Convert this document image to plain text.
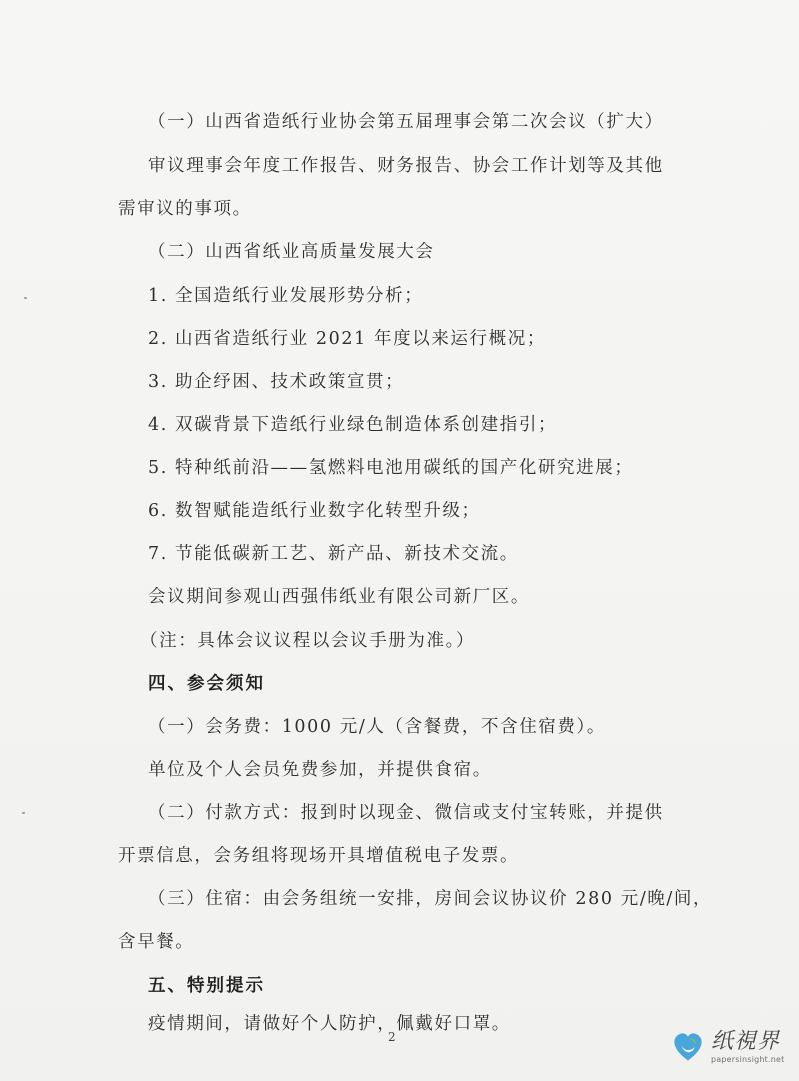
（一）山西省造纸行业协会第五届理事会第二次会议（扩大）
审议理事会年度工作报告、财务报告、协会工作计划等及其他
需审议的事项。
（二）山西省纸业高质量发展大会
1. 全国造纸行业发展形势分析；
2. 山西省造纸行业 2021 年度以来运行概况；
3. 助企纾困、技术政策宣贯；
4. 双碳背景下造纸行业绿色制造体系创建指引；
5. 特种纸前沿——氢燃料电池用碳纸的国产化研究进展；
6. 数智赋能造纸行业数字化转型升级；
7. 节能低碳新工艺、新产品、新技术交流。
会议期间参观山西强伟纸业有限公司新厂区。
（注：具体会议议程以会议手册为准。）
四、参会须知
（一）会务费：1000 元/人（含餐费，不含住宿费）。
单位及个人会员免费参加，并提供食宿。
（二）付款方式：报到时以现金、微信或支付宝转账，并提供
开票信息，会务组将现场开具增值税电子发票。
（三）住宿：由会务组统一安排，房间会议协议价 280 元/晚/间，
含早餐。
五、特别提示
疫情期间，请做好个人防护，佩戴好口罩。
2	纸視界
papersinsight.net
